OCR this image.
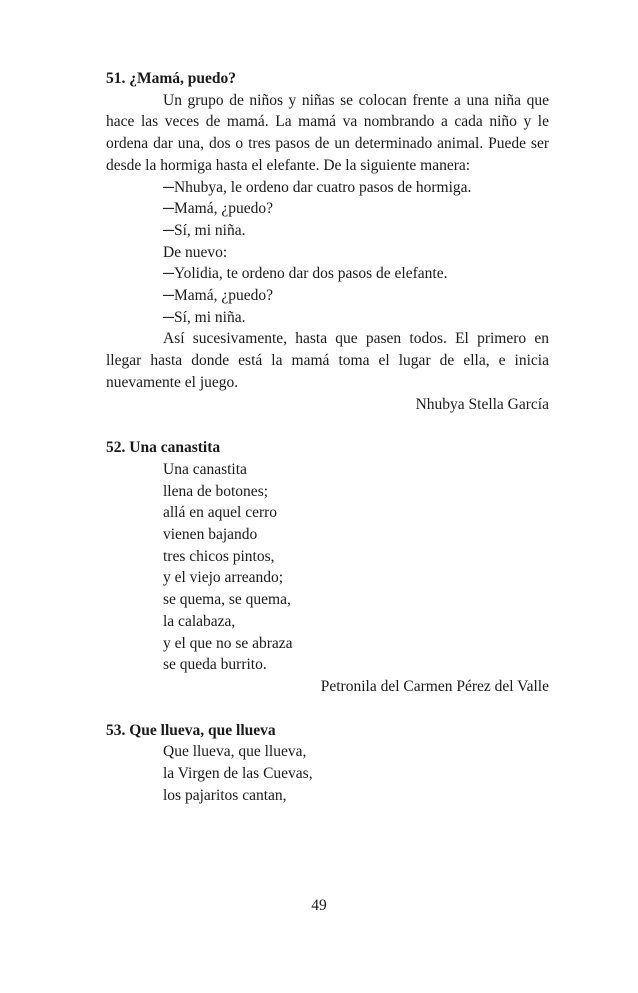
51. ¿Mamá, puedo?

Un grupo de niños y niñas se colocan frente a una niña que hace las veces de mamá. La mamá va nombrando a cada niño y le ordena dar una, dos o tres pasos de un determinado animal. Puede ser desde la hormiga hasta el elefante. De la siguiente manera:

─Nhubya, le ordeno dar cuatro pasos de hormiga.

─Mamá, ¿puedo?

─Sí, mi niña.

De nuevo:

─Yolidia, te ordeno dar dos pasos de elefante.

─Mamá, ¿puedo?

─Sí, mi niña.

Así sucesivamente, hasta que pasen todos. El primero en llegar hasta donde está la mamá toma el lugar de ella, e inicia nuevamente el juego.

Nhubya Stella García

52. Una canastita

Una canastita

llena de botones;

allá en aquel cerro

vienen bajando

tres chicos pintos,

y el viejo arreando;

se quema, se quema,

la calabaza,

y el que no se abraza

se queda burrito.

Petronila del Carmen Pérez del Valle

53. Que llueva, que llueva

Que llueva, que llueva,

la Virgen de las Cuevas,

los pajaritos cantan,

49
